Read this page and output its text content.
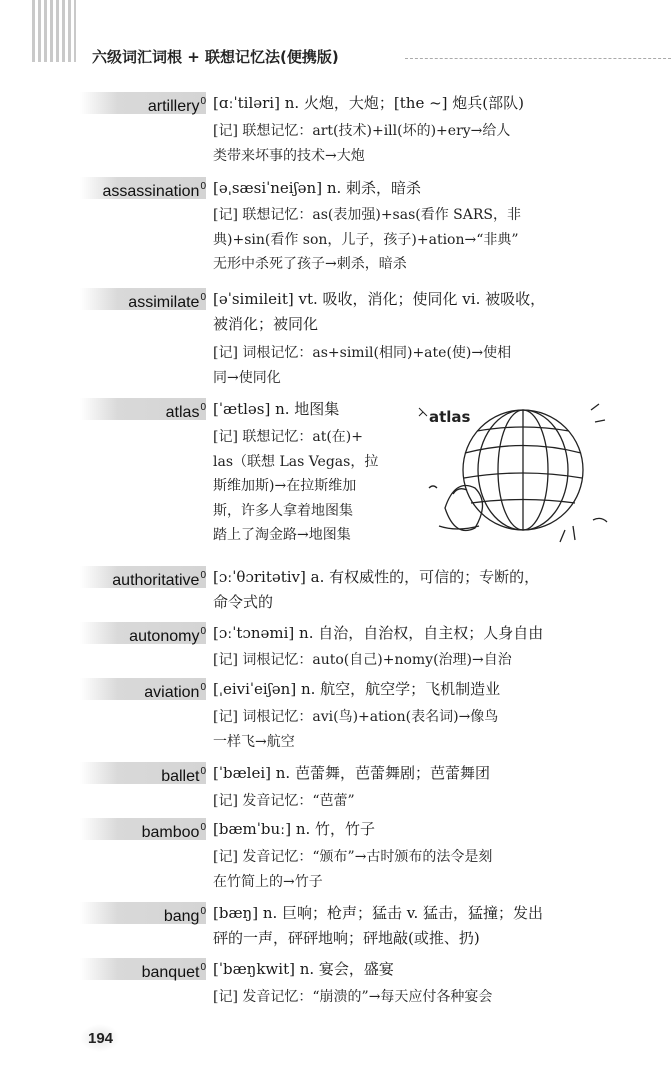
六级词汇词根 + 联想记忆法(便携版)
artillery$^0$ [ɑːˈtiləri] n. 火炮，大炮；[the ~] 炮兵(部队)
[记] 联想记忆：art(技术)+ill(坏的)+ery→给人
类带来坏事的技术→大炮
assassination$^0$ [əˌsæsiˈneiʃən] n. 刺杀，暗杀
[记] 联想记忆：as(表加强)+sas(看作 SARS，非
典)+sin(看作 son，儿子，孩子)+ation→“非典”
无形中杀死了孩子→刺杀，暗杀
assimilate$^0$ [əˈsimileit] vt. 吸收，消化；使同化 vi. 被吸收，
被消化；被同化
[记] 词根记忆：as+simil(相同)+ate(使)→使相
同→使同化
atlas$^0$ [ˈætləs] n. 地图集
[记] 联想记忆：at(在)+
las（联想 Las Vegas，拉
斯维加斯)→在拉斯维加
斯，许多人拿着地图集
踏上了淘金路→地图集
atlas
authoritative$^0$ [ɔːˈθɔritətiv] a. 有权威性的，可信的；专断的，
命令式的
autonomy$^0$ [ɔːˈtɔnəmi] n. 自治，自治权，自主权；人身自由
[记] 词根记忆：auto(自己)+nomy(治理)→自治
aviation$^0$ [ˌeiviˈeiʃən] n. 航空，航空学；飞机制造业
[记] 词根记忆：avi(鸟)+ation(表名词)→像鸟
一样飞→航空
ballet$^0$ [ˈbælei] n. 芭蕾舞，芭蕾舞剧；芭蕾舞团
[记] 发音记忆：“芭蕾”
bamboo$^0$ [bæmˈbuː] n. 竹，竹子
[记] 发音记忆：“颁布”→古时颁布的法令是刻
在竹简上的→竹子
bang$^0$ [bæŋ] n. 巨响；枪声；猛击 v. 猛击，猛撞；发出
砰的一声，砰砰地响；砰地敲(或推、扔)
banquet$^0$ [ˈbæŋkwit] n. 宴会，盛宴
[记] 发音记忆：“崩溃的”→每天应付各种宴会
194
